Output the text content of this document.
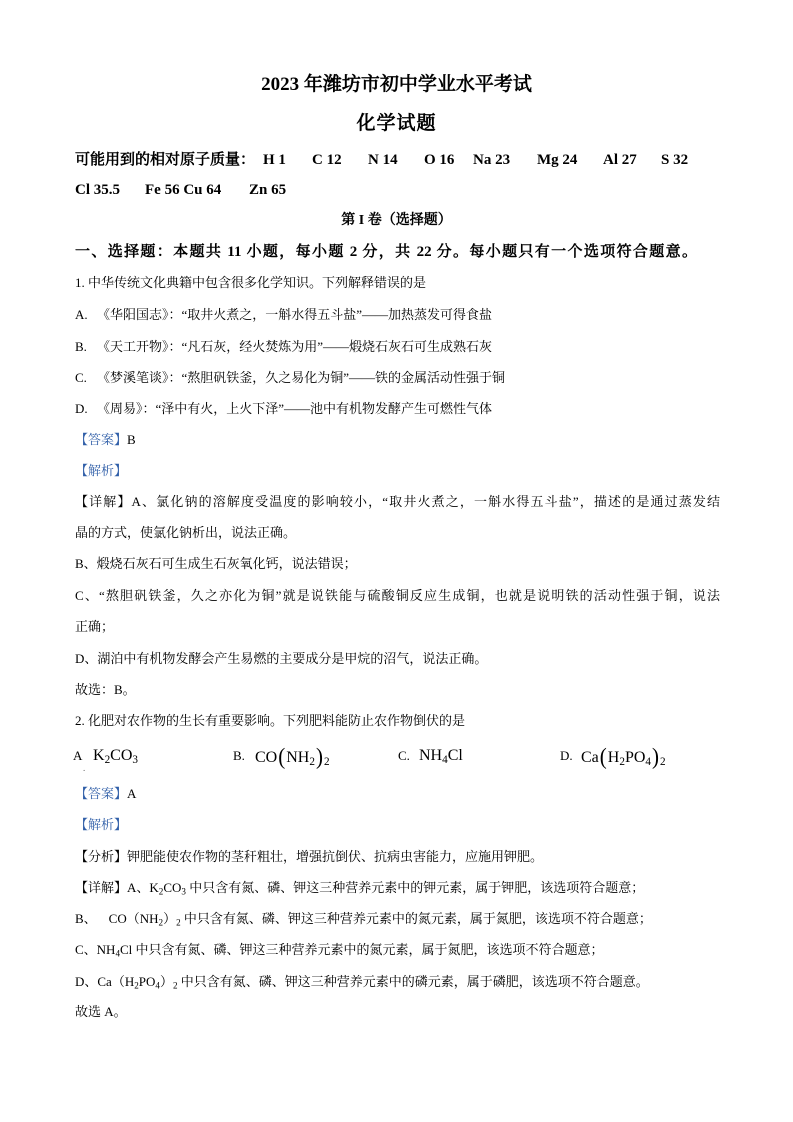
2023 年潍坊市初中学业水平考试
化学试题
可能用到的相对原子质量： H 1 C 12 N 14 O 16 Na 23 Mg 24 Al 27 S 32
Cl 35.5 Fe 56 Cu 64 Zn 65
第 I 卷（选择题）
一、选择题：本题共 11 小题，每小题 2 分，共 22 分。每小题只有一个选项符合题意。
1. 中华传统文化典籍中包含很多化学知识。下列解释错误的是
A. 《华阳国志》：“取井火煮之，一斛水得五斗盐”——加热蒸发可得食盐
B. 《天工开物》：“凡石灰，经火焚炼为用”——煅烧石灰石可生成熟石灰
C. 《梦溪笔谈》：“熬胆矾铁釜，久之易化为铜”——铁的金属活动性强于铜
D. 《周易》：“泽中有火，上火下泽”——池中有机物发酵产生可燃性气体
【答案】B
【解析】
【详解】A、氯化钠的溶解度受温度的影响较小，“取井火煮之，一斛水得五斗盐”，描述的是通过蒸发结
晶的方式，使氯化钠析出，说法正确。
B、煅烧石灰石可生成生石灰氧化钙，说法错误；
C、“熬胆矾铁釜，久之亦化为铜”就是说铁能与硫酸铜反应生成铜，也就是说明铁的活动性强于铜，说法
正确；
D、湖泊中有机物发酵会产生易燃的主要成分是甲烷的沼气，说法正确。
故选：B。
2. 化肥对农作物的生长有重要影响。下列肥料能防止农作物倒伏的是
A
.
$K_2CO_3$	B. $CO(NH_2)_2$	C. $NH_4Cl$	D. $Ca(H_2PO_4)_2$
【答案】A
【解析】
【分析】钾肥能使农作物的茎秆粗壮，增强抗倒伏、抗病虫害能力，应施用钾肥。
【详解】A、$K_2CO_3$ 中只含有氮、磷、钾这三种营养元素中的钾元素，属于钾肥，该选项符合题意；
B、 $CO(NH_2)_2$ 中只含有氮、磷、钾这三种营养元素中的氮元素，属于氮肥，该选项不符合题意；
C、$NH_4Cl$ 中只含有氮、磷、钾这三种营养元素中的氮元素，属于氮肥，该选项不符合题意；
D、$Ca(H_2PO_4)_2$ 中只含有氮、磷、钾这三种营养元素中的磷元素，属于磷肥，该选项不符合题意。
故选 A。
